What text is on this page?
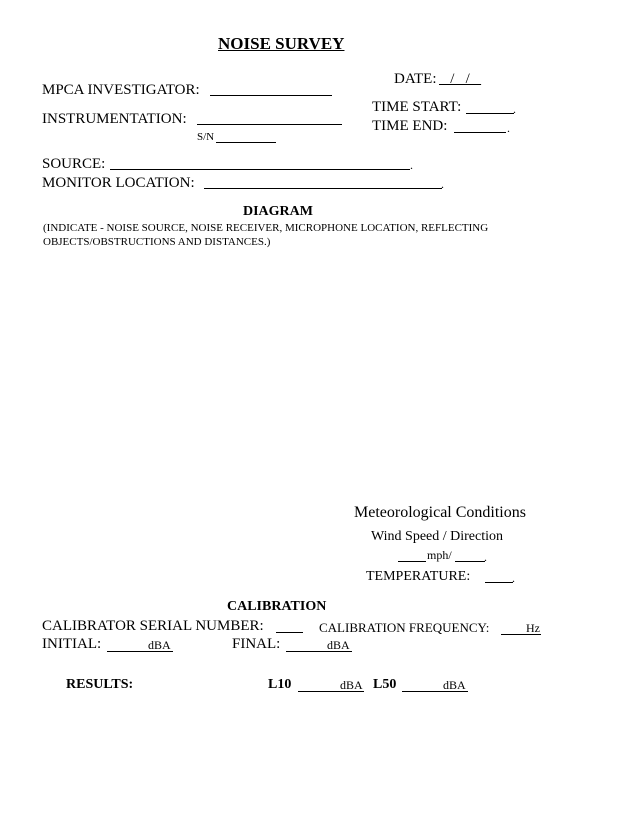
NOISE SURVEY
MPCA INVESTIGATOR:
DATE: /   /
INSTRUMENTATION:
S/N
TIME START:	.
TIME END:	.
SOURCE:	.
MONITOR LOCATION:	.
DIAGRAM
(INDICATE - NOISE SOURCE, NOISE RECEIVER, MICROPHONE LOCATION, REFLECTING
OBJECTS/OBSTRUCTIONS AND DISTANCES.)
Meteorological Conditions
Wind Speed / Direction
mph/	.
TEMPERATURE:	.
CALIBRATION
CALIBRATOR SERIAL NUMBER:	CALIBRATION FREQUENCY:	Hz
INITIAL:	dBA	FINAL:	dBA
RESULTS:	L10	dBA L50	dBA
